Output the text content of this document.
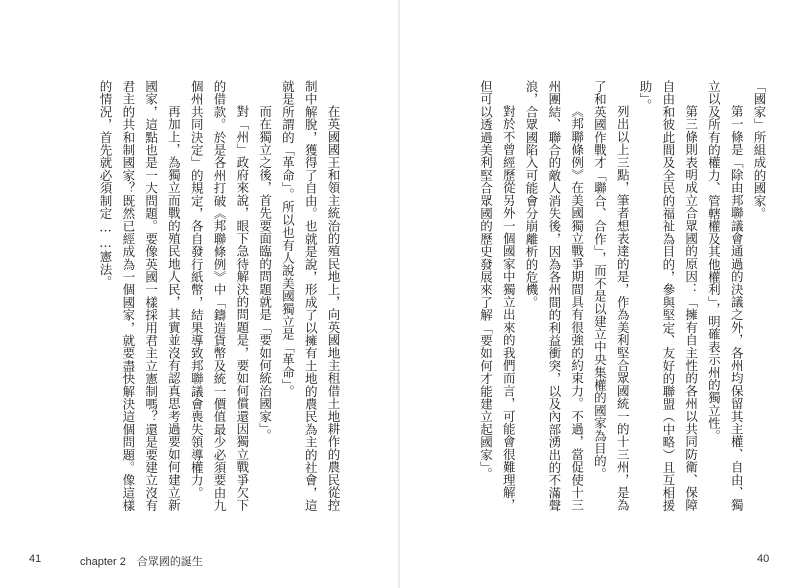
「國家」所組成的國家。

第一條是「除由邦聯議會通過的決議之外，各州均保留其主權、自由、獨立以及所有的權力、管轄權及其他權利」，明確表示州的獨立性。

第三條則表明成立合眾國的原因：「擁有自主性的各州以共同防衛、保障自由和彼此間及全民的福祉為目的，參與堅定、友好的聯盟（中略）且互相援助」。

列出以上三點，筆者想表達的是，作為美利堅合眾國統一的十三州，是為了和英國作戰才「聯合、合作」，而不是以建立中央集權的國家為目的。

《邦聯條例》在美國獨立戰爭期間具有很強的約束力。不過，當促使十三州團結、聯合的敵人消失後，因為各州間的利益衝突，以及內部湧出的不滿聲浪，合眾國陷入可能會分崩離析的危機。

對於不曾經歷從另外一個國家中獨立出來的我們而言，可能會很難理解，但可以透過美利堅合眾國的歷史發展來了解「要如何才能建立起國家」。

在英國國王和領主統治的殖民地上，向英國地主租借土地耕作的農民從控制中解脫，獲得了自由。也就是說，形成了以擁有土地的農民為主的社會，這就是所謂的「革命」。所以也有人說美國獨立是「革命」。

而在獨立之後，首先要面臨的問題就是「要如何統治國家」。

對「州」政府來說，眼下急待解決的問題是，要如何償還因獨立戰爭欠下的借款。於是各州打破《邦聯條例》中「鑄造貨幣及統一價值最少必須要由九個州共同決定」的規定，各自發行紙幣，結果導致邦聯議會喪失領導權力。

再加上，為獨立而戰的殖民地人民，其實並沒有認真思考過要如何建立新國家，這點也是一大問題。要像英國一樣採用君主立憲制嗎？還是要建立沒有君主的共和制國家？既然已經成為一個國家，就要盡快解決這個問題。像這樣的情況，首先就必須制定……憲法。

41	chapter 2　合眾國的誕生	40
